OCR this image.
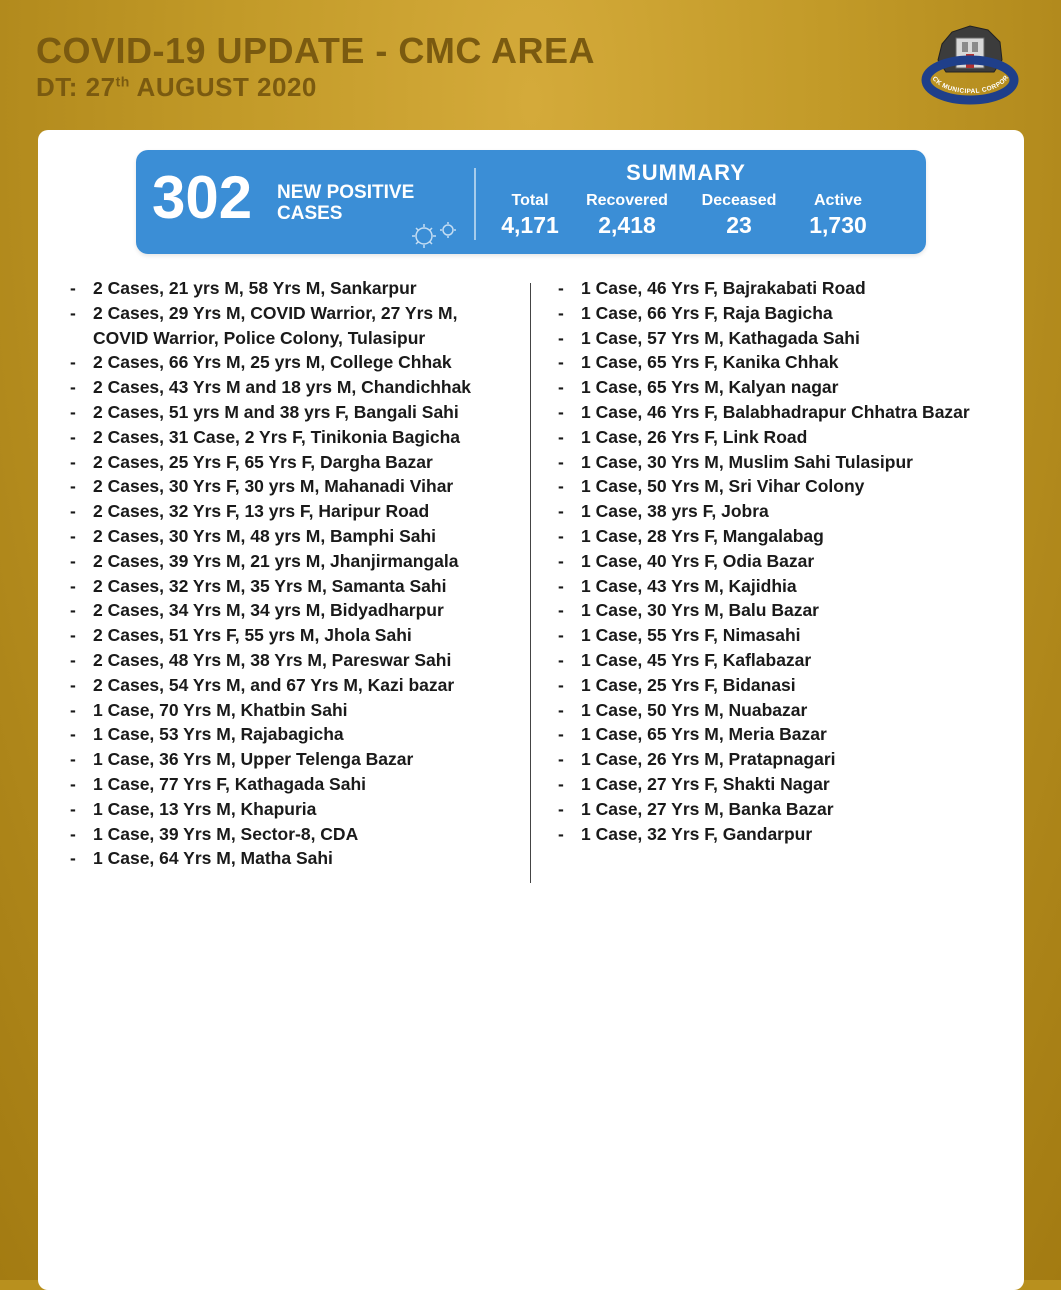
COVID-19 UPDATE - CMC AREA
DT: 27th AUGUST 2020	CK MUNICIPAL CORPOR
302 NEW POSITIVE
CASES
SUMMARY
Total
4,171
Recovered
2,418
Deceased
23
Active
1,730
- 2 Cases, 21 yrs M, 58 Yrs M, Sankarpur
- 2 Cases, 29 Yrs M, COVID Warrior, 27 Yrs M, COVID Warrior, Police Colony, Tulasipur
- 2 Cases, 66 Yrs M, 25 yrs M, College Chhak
- 2 Cases, 43 Yrs M and 18 yrs M, Chandichhak
- 2 Cases, 51 yrs M and 38 yrs F, Bangali Sahi
- 2 Cases, 31 Case, 2 Yrs F, Tinikonia Bagicha
- 2 Cases, 25 Yrs F, 65 Yrs F, Dargha Bazar
- 2 Cases, 30 Yrs F, 30 yrs M, Mahanadi Vihar
- 2 Cases, 32 Yrs F, 13 yrs F, Haripur Road
- 2 Cases, 30 Yrs M, 48 yrs M, Bamphi Sahi
- 2 Cases, 39 Yrs M, 21 yrs M, Jhanjirmangala
- 2 Cases, 32 Yrs M, 35 Yrs M, Samanta Sahi
- 2 Cases, 34 Yrs M, 34 yrs M, Bidyadharpur
- 2 Cases, 51 Yrs F, 55 yrs M, Jhola Sahi
- 2 Cases, 48 Yrs M, 38 Yrs M, Pareswar Sahi
- 2 Cases, 54 Yrs M, and 67 Yrs M, Kazi bazar
- 1 Case, 70 Yrs M, Khatbin Sahi
- 1 Case, 53 Yrs M, Rajabagicha
- 1 Case, 36 Yrs M, Upper Telenga Bazar
- 1 Case, 77 Yrs F, Kathagada Sahi
- 1 Case, 13 Yrs M, Khapuria
- 1 Case, 39 Yrs M, Sector-8, CDA
- 1 Case, 64 Yrs M, Matha Sahi
- 1 Case, 46 Yrs F, Bajrakabati Road
- 1 Case, 66 Yrs F, Raja Bagicha
- 1 Case, 57 Yrs M, Kathagada Sahi
- 1 Case, 65 Yrs F, Kanika Chhak
- 1 Case, 65 Yrs M, Kalyan nagar
- 1 Case, 46 Yrs F, Balabhadrapur Chhatra Bazar
- 1 Case, 26 Yrs F, Link Road
- 1 Case, 30 Yrs M, Muslim Sahi Tulasipur
- 1 Case, 50 Yrs M, Sri Vihar Colony
- 1 Case, 38 yrs F, Jobra
- 1 Case, 28 Yrs F, Mangalabag
- 1 Case, 40 Yrs F, Odia Bazar
- 1 Case, 43 Yrs M, Kajidhia
- 1 Case, 30 Yrs M, Balu Bazar
- 1 Case, 55 Yrs F, Nimasahi
- 1 Case, 45 Yrs F, Kaflabazar
- 1 Case, 25 Yrs F, Bidanasi
- 1 Case, 50 Yrs M, Nuabazar
- 1 Case, 65 Yrs M, Meria Bazar
- 1 Case, 26 Yrs M, Pratapnagari
- 1 Case, 27 Yrs F, Shakti Nagar
- 1 Case, 27 Yrs M, Banka Bazar
- 1 Case, 32 Yrs F, Gandarpur
